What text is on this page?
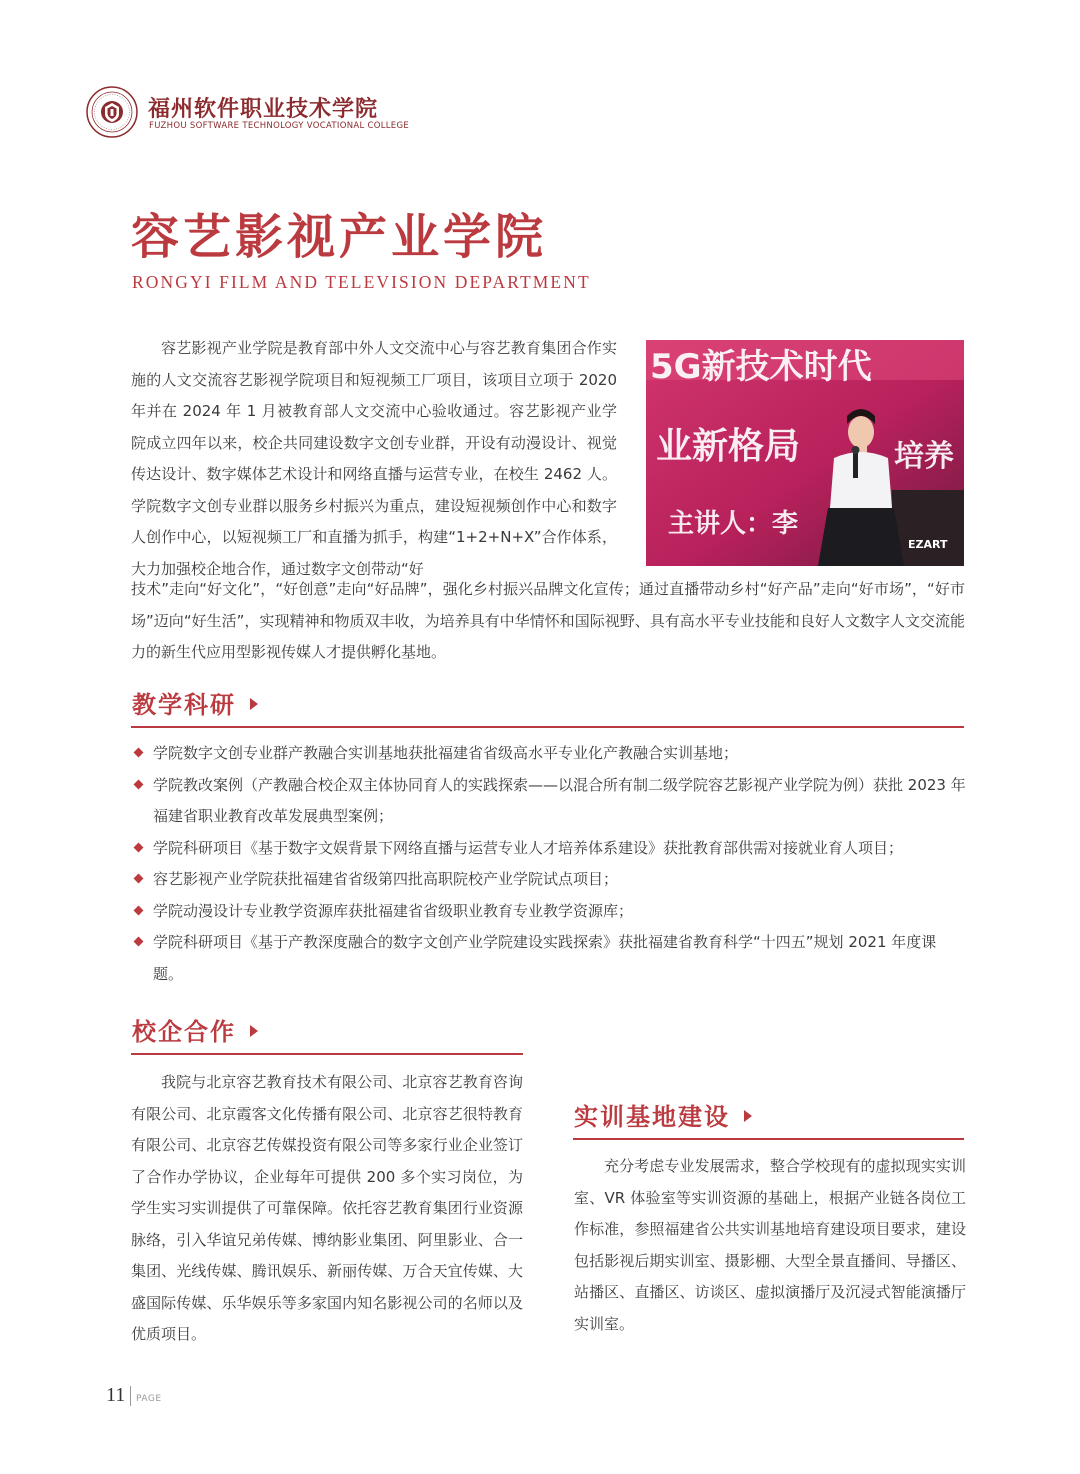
福州软件职业技术学院
FUZHOU SOFTWARE TECHNOLOGY VOCATIONAL COLLEGE
容艺影视产业学院
RONGYI FILM AND TELEVISION DEPARTMENT

容艺影视产业学院是教育部中外人文交流中心与容艺教育集团合作实施的人文交流容艺影视学院项目和短视频工厂项目，该项目立项于 2020 年并在 2024 年 1 月被教育部人文交流中心验收通过。容艺影视产业学院成立四年以来，校企共同建设数字文创专业群，开设有动漫设计、视觉传达设计、数字媒体艺术设计和网络直播与运营专业，在校生 2462 人。学院数字文创专业群以服务乡村振兴为重点，建设短视频创作中心和数字人创作中心，以短视频工厂和直播为抓手，构建“1+2+N+X”合作体系，大力加强校企地合作，通过数字文创带动“好

技术”走向“好文化”，“好创意”走向“好品牌”，强化乡村振兴品牌文化宣传；通过直播带动乡村“好产品”走向“好市场”，“好市场”迈向“好生活”，实现精神和物质双丰收，为培养具有中华情怀和国际视野、具有高水平专业技能和良好人文数字人文交流能力的新生代应用型影视传媒人才提供孵化基地。

5G新技术时代
业新格局	培养
主讲人：李
EZART
教学科研
学院数字文创专业群产教融合实训基地获批福建省省级高水平专业化产教融合实训基地；
学院教改案例（产教融合校企双主体协同育人的实践探索——以混合所有制二级学院容艺影视产业学院为例）获批 2023 年福建省职业教育改革发展典型案例；
学院科研项目《基于数字文娱背景下网络直播与运营专业人才培养体系建设》获批教育部供需对接就业育人项目；
容艺影视产业学院获批福建省省级第四批高职院校产业学院试点项目；
学院动漫设计专业教学资源库获批福建省省级职业教育专业教学资源库；
学院科研项目《基于产教深度融合的数字文创产业学院建设实践探索》获批福建省教育科学“十四五”规划 2021 年度课题。
校企合作

我院与北京容艺教育技术有限公司、北京容艺教育咨询有限公司、北京霞客文化传播有限公司、北京容艺很特教育有限公司、北京容艺传媒投资有限公司等多家行业企业签订了合作办学协议，企业每年可提供 200 多个实习岗位，为学生实习实训提供了可靠保障。依托容艺教育集团行业资源脉络，引入华谊兄弟传媒、博纳影业集团、阿里影业、合一集团、光线传媒、腾讯娱乐、新丽传媒、万合天宜传媒、大盛国际传媒、乐华娱乐等多家国内知名影视公司的名师以及优质项目。

实训基地建设

充分考虑专业发展需求，整合学校现有的虚拟现实实训室、VR 体验室等实训资源的基础上，根据产业链各岗位工作标准，参照福建省公共实训基地培育建设项目要求，建设包括影视后期实训室、摄影棚、大型全景直播间、导播区、站播区、直播区、访谈区、虚拟演播厅及沉浸式智能演播厅实训室。

11 PAGE
